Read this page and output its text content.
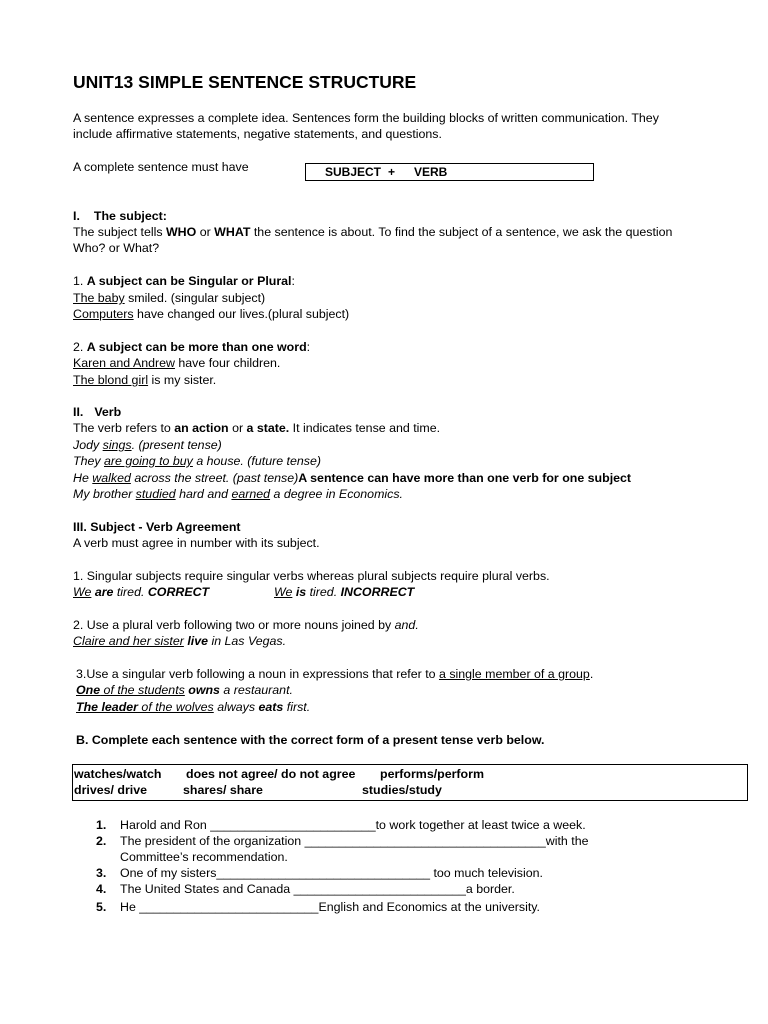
UNIT13 SIMPLE SENTENCE STRUCTURE
A sentence expresses a complete idea. Sentences form the building blocks of written communication. They
include affirmative statements, negative statements, and questions.
A complete sentence must have	SUBJECT + VERB
I. The subject:
The subject tells WHO or WHAT the sentence is about. To find the subject of a sentence, we ask the question
Who? or What?
1. A subject can be Singular or Plural:
The baby smiled. (singular subject)
Computers have changed our lives.(plural subject)
2. A subject can be more than one word:
Karen and Andrew have four children.
The blond girl is my sister.
II. Verb
The verb refers to an action or a state. It indicates tense and time.
Jody sings. (present tense)
They are going to buy a house. (future tense)
He walked across the street. (past tense)A sentence can have more than one verb for one subject
My brother studied hard and earned a degree in Economics.
III. Subject - Verb Agreement
A verb must agree in number with its subject.
1. Singular subjects require singular verbs whereas plural subjects require plural verbs.
We are tired. CORRECT	We is tired. INCORRECT
2. Use a plural verb following two or more nouns joined by and.
Claire and her sister live in Las Vegas.
3.Use a singular verb following a noun in expressions that refer to a single member of a group.
One of the students owns a restaurant.
The leader of the wolves always eats first.
B. Complete each sentence with the correct form of a present tense verb below.
watches/watch does not agree/ do not agree performs/perform
drives/ drive	shares/ share	studies/study
1. Harold and Ron ________________________to work together at least twice a week.
2. The president of the organization ___________________________________with the
Committee’s recommendation.
3. One of my sisters_______________________________ too much television.
4. The United States and Canada _________________________a border.
5. He __________________________English and Economics at the university.
